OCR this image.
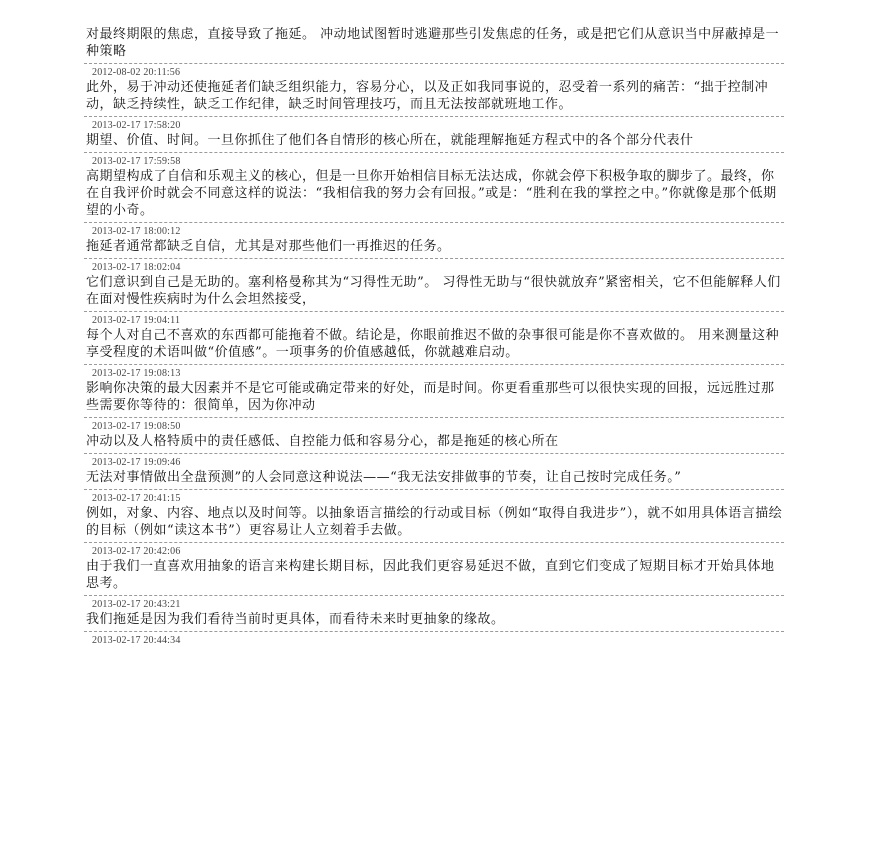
对最终期限的焦虑，直接导致了拖延。 冲动地试图暂时逃避那些引发焦虑的任务，或是把它们从意识当中屏蔽掉是一种策略
2012-08-02 20:11:56
此外，易于冲动还使拖延者们缺乏组织能力，容易分心，以及正如我同事说的，忍受着一系列的痛苦：“拙于控制冲动，缺乏持续性，缺乏工作纪律，缺乏时间管理技巧，而且无法按部就班地工作。
2013-02-17 17:58:20
期望、价值、时间。一旦你抓住了他们各自情形的核心所在，就能理解拖延方程式中的各个部分代表什
2013-02-17 17:59:58
高期望构成了自信和乐观主义的核心，但是一旦你开始相信目标无法达成，你就会停下积极争取的脚步了。最终，你在自我评价时就会不同意这样的说法：“我相信我的努力会有回报。”或是：“胜利在我的掌控之中。”你就像是那个低期望的小奇。
2013-02-17 18:00:12
拖延者通常都缺乏自信，尤其是对那些他们一再推迟的任务。
2013-02-17 18:02:04
它们意识到自己是无助的。塞利格曼称其为“习得性无助”。 习得性无助与“很快就放弃”紧密相关，它不但能解释人们在面对慢性疾病时为什么会坦然接受，
2013-02-17 19:04:11
每个人对自己不喜欢的东西都可能拖着不做。结论是，你眼前推迟不做的杂事很可能是你不喜欢做的。 用来测量这种享受程度的术语叫做“价值感”。一项事务的价值感越低，你就越难启动。
2013-02-17 19:08:13
影响你决策的最大因素并不是它可能或确定带来的好处，而是时间。你更看重那些可以很快实现的回报，远远胜过那些需要你等待的：很简单，因为你冲动
2013-02-17 19:08:50
冲动以及人格特质中的责任感低、自控能力低和容易分心，都是拖延的核心所在
2013-02-17 19:09:46
无法对事情做出全盘预测”的人会同意这种说法——“我无法安排做事的节奏，让自己按时完成任务。”
2013-02-17 20:41:15
例如，对象、内容、地点以及时间等。以抽象语言描绘的行动或目标（例如“取得自我进步”），就不如用具体语言描绘的目标（例如“读这本书”）更容易让人立刻着手去做。
2013-02-17 20:42:06
由于我们一直喜欢用抽象的语言来构建长期目标，因此我们更容易延迟不做，直到它们变成了短期目标才开始具体地思考。
2013-02-17 20:43:21
我们拖延是因为我们看待当前时更具体，而看待未来时更抽象的缘故。
2013-02-17 20:44:34
